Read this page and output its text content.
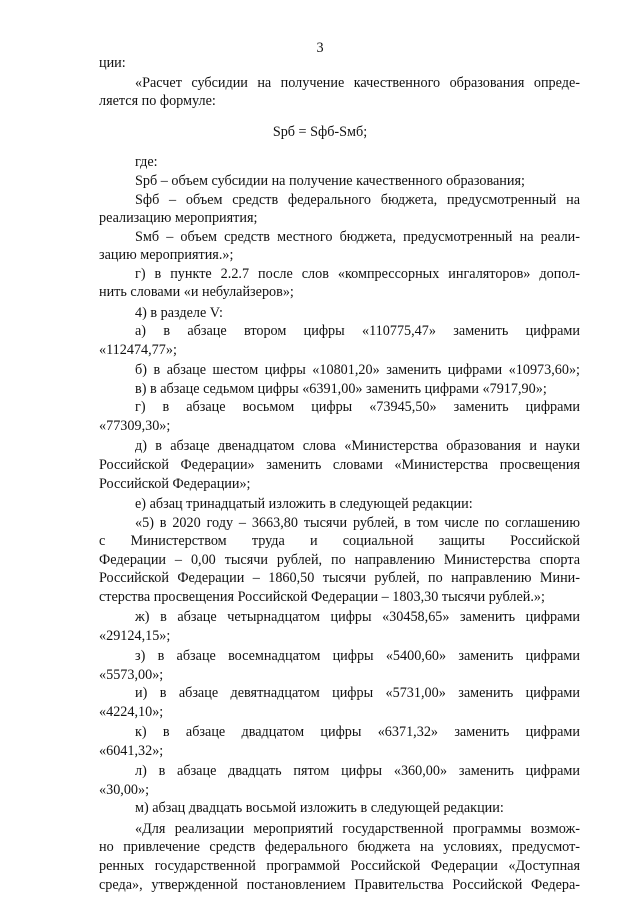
3
Sрб = Sфб-Sмб;
ции:
«Расчет субсидии на получение качественного образования опреде-
ляется по формуле:
где:
Sрб – объем субсидии на получение качественного образования;
Sфб – объем средств федерального бюджета, предусмотренный на
реализацию мероприятия;
Sмб – объем средств местного бюджета, предусмотренный на реали-
зацию мероприятия.»;
г) в пункте 2.2.7 после слов «компрессорных ингаляторов» допол-
нить словами «и небулайзеров»;
4) в разделе V:
а) в абзаце втором цифры «110775,47» заменить цифрами
«112474,77»;
б) в абзаце шестом цифры «10801,20» заменить цифрами «10973,60»;
в) в абзаце седьмом цифры «6391,00» заменить цифрами «7917,90»;
г) в абзаце восьмом цифры «73945,50» заменить цифрами
«77309,30»;
д) в абзаце двенадцатом слова «Министерства образования и науки
Российской Федерации» заменить словами «Министерства просвещения
Российской Федерации»;
е) абзац тринадцатый изложить в следующей редакции:
«5) в 2020 году – 3663,80 тысячи рублей, в том числе по соглашению
с Министерством труда и социальной защиты Российской
Федерации – 0,00 тысячи рублей, по направлению Министерства спорта
Российской Федерации – 1860,50 тысячи рублей, по направлению Мини-
стерства просвещения Российской Федерации – 1803,30 тысячи рублей.»;
ж) в абзаце четырнадцатом цифры «30458,65» заменить цифрами
«29124,15»;
з) в абзаце восемнадцатом цифры «5400,60» заменить цифрами
«5573,00»;
и) в абзаце девятнадцатом цифры «5731,00» заменить цифрами
«4224,10»;
к) в абзаце двадцатом цифры «6371,32» заменить цифрами
«6041,32»;
л) в абзаце двадцать пятом цифры «360,00» заменить цифрами
«30,00»;
м) абзац двадцать восьмой изложить в следующей редакции:
«Для реализации мероприятий государственной программы возмож-
но привлечение средств федерального бюджета на условиях, предусмот-
ренных государственной программой Российской Федерации «Доступная
среда», утвержденной постановлением Правительства Российской Федера-
